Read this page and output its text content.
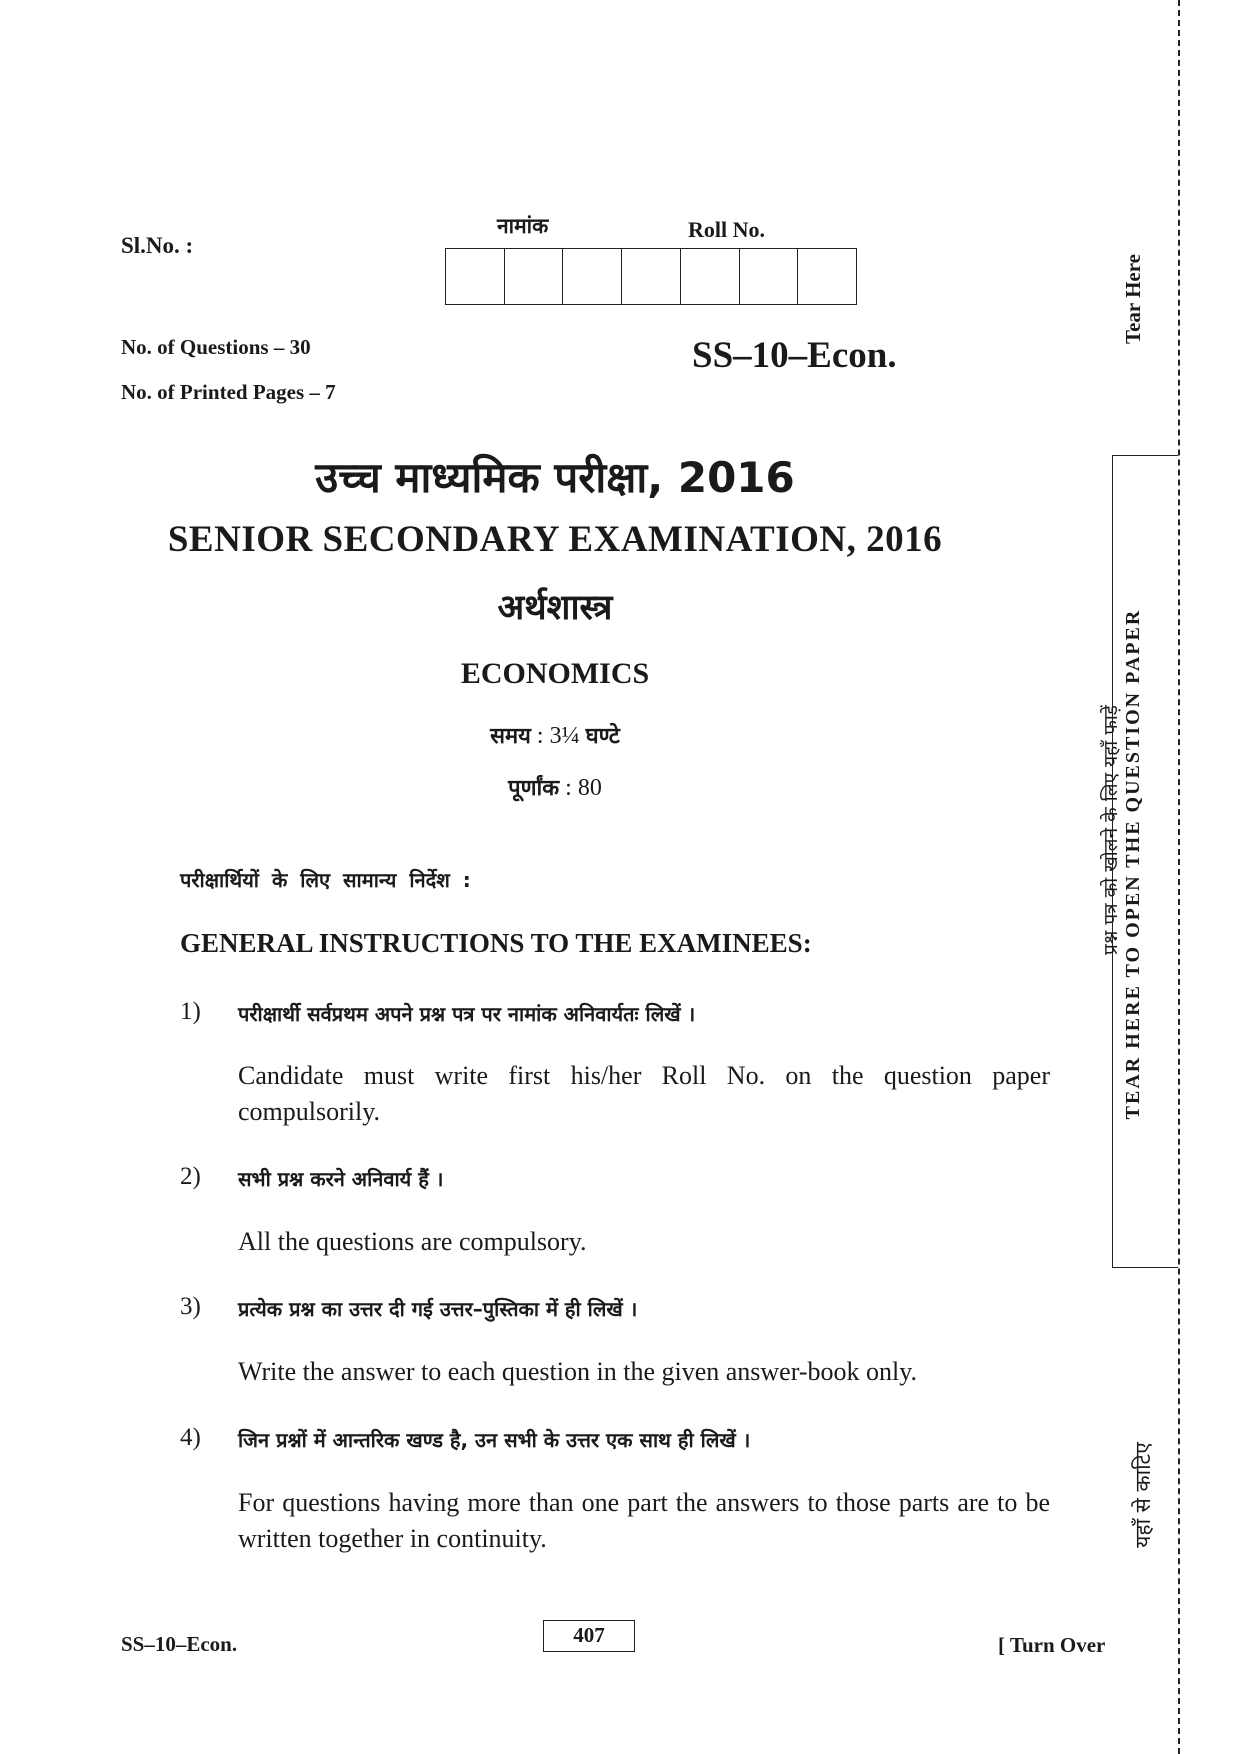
Sl.No. :
नामांक	Roll No.
No. of Questions – 30
No. of Printed Pages – 7
SS–10–Econ.
उच्च माध्यमिक परीक्षा, 2016
SENIOR SECONDARY EXAMINATION, 2016
अर्थशास्त्र
ECONOMICS
समय : 3¼ घण्टे
पूर्णांक : 80
परीक्षार्थियों के लिए सामान्य निर्देश :
GENERAL INSTRUCTIONS TO THE EXAMINEES:
1) परीक्षार्थी सर्वप्रथम अपने प्रश्न पत्र पर नामांक अनिवार्यतः लिखें ।
Candidate must write first his/her Roll No. on the question paper compulsorily.
2) सभी प्रश्न करने अनिवार्य हैं ।
All the questions are compulsory.
3) प्रत्येक प्रश्न का उत्तर दी गई उत्तर–पुस्तिका में ही लिखें ।
Write the answer to each question in the given answer-book only.
4) जिन प्रश्नों में आन्तरिक खण्ड है, उन सभी के उत्तर एक साथ ही लिखें ।
For questions having more than one part the answers to those parts are to be written together in continuity.
SS–10–Econ.	407	[ Turn Over
Tear Here
प्रश्न पत्र को खोलने के लिए यहाँ फाड़ें TEAR HERE TO OPEN THE QUESTION PAPER
यहाँ से काटिए
